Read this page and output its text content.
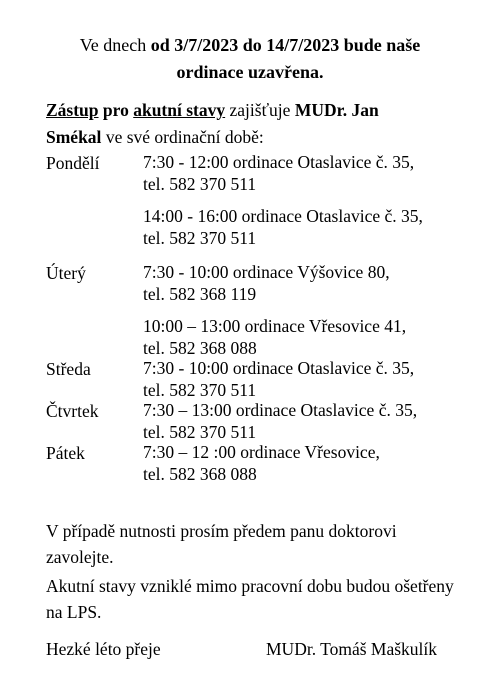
Ve dnech od 3/7/2023 do 14/7/2023 bude naše
ordinace uzavřena.
Zástup pro akutní stavy zajišťuje MUDr. Jan
Smékal ve své ordinační době:
Pondělí 7:30 - 12:00 ordinace Otaslavice č. 35,
tel. 582 370 511
14:00 - 16:00 ordinace Otaslavice č. 35,
tel. 582 370 511
Úterý	7:30 - 10:00 ordinace Výšovice 80,
tel. 582 368 119
10:00 – 13:00 ordinace Vřesovice 41,
tel. 582 368 088
Středa	7:30 - 10:00 ordinace Otaslavice č. 35,
tel. 582 370 511
Čtvrtek	7:30 – 13:00 ordinace Otaslavice č. 35,
tel. 582 370 511
Pátek	7:30 – 12 :00 ordinace Vřesovice,
tel. 582 368 088
V případě nutnosti prosím předem panu doktorovi zavolejte.
Akutní stavy vzniklé mimo pracovní dobu budou ošetřeny na LPS.
Hezké léto přeje	MUDr. Tomáš Maškulík
